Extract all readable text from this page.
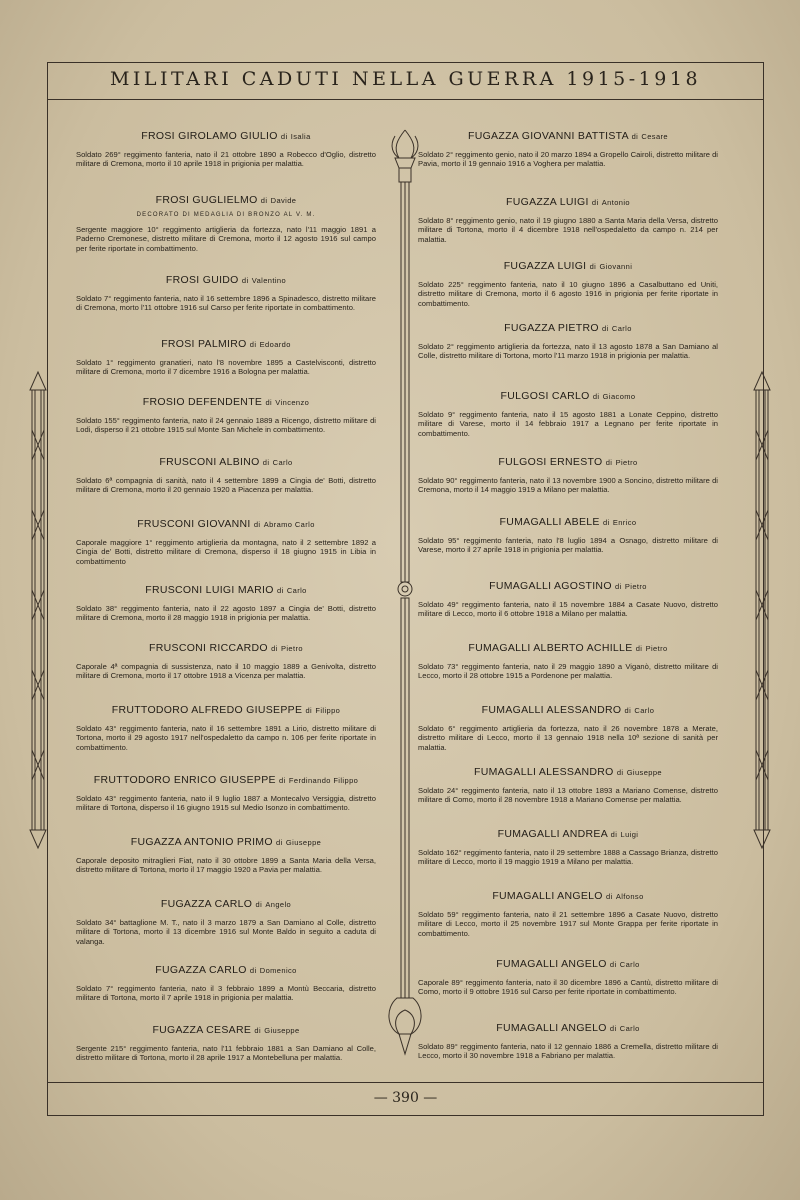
MILITARI CADUTI NELLA GUERRA 1915-1918
FROSI GIROLAMO GIULIO di Isalia

Soldato 269° reggimento fanteria, nato il 21 ottobre 1890 a Robecco d'Oglio, distretto militare di Cremona, morto il 10 aprile 1918 in prigionia per malattia.

FROSI GUGLIELMO di Davide
DECORATO DI MEDAGLIA DI BRONZO AL V. M.

Sergente maggiore 10° reggimento artiglieria da fortezza, nato l'11 maggio 1891 a Paderno Cremonese, distretto militare di Cremona, morto il 12 agosto 1916 sul campo per ferite riportate in combattimento.

FROSI GUIDO di Valentino

Soldato 7° reggimento fanteria, nato il 16 settembre 1896 a Spinadesco, distretto militare di Cremona, morto l'11 ottobre 1916 sul Carso per ferite riportate in combattimento.

FROSI PALMIRO di Edoardo

Soldato 1° reggimento granatieri, nato l'8 novembre 1895 a Castelvisconti, distretto militare di Cremona, morto il 7 dicembre 1916 a Bologna per malattia.

FROSIO DEFENDENTE di Vincenzo

Soldato 155° reggimento fanteria, nato il 24 gennaio 1889 a Ricengo, distretto militare di Lodi, disperso il 21 ottobre 1915 sul Monte San Michele in combattimento.

FRUSCONI ALBINO di Carlo

Soldato 6ª compagnia di sanità, nato il 4 settembre 1899 a Cingia de' Botti, distretto militare di Cremona, morto il 20 gennaio 1920 a Piacenza per malattia.

FRUSCONI GIOVANNI di Abramo Carlo

Caporale maggiore 1° reggimento artiglieria da montagna, nato il 2 settembre 1892 a Cingia de' Botti, distretto militare di Cremona, disperso il 18 giugno 1915 in Libia in combattimento

FRUSCONI LUIGI MARIO di Carlo

Soldato 38° reggimento fanteria, nato il 22 agosto 1897 a Cingia de' Botti, distretto militare di Cremona, morto il 28 maggio 1918 in prigionia per malattia.

FRUSCONI RICCARDO di Pietro

Caporale 4ª compagnia di sussistenza, nato il 10 maggio 1889 a Genivolta, distretto militare di Cremona, morto il 17 ottobre 1918 a Vicenza per malattia.

FRUTTODORO ALFREDO GIUSEPPE di Filippo

Soldato 43° reggimento fanteria, nato il 16 settembre 1891 a Lirio, distretto militare di Tortona, morto il 29 agosto 1917 nell'ospedaletto da campo n. 106 per ferite riportate in combattimento.

FRUTTODORO ENRICO GIUSEPPE di Ferdinando Filippo

Soldato 43° reggimento fanteria, nato il 9 luglio 1887 a Montecalvo Versiggia, distretto militare di Tortona, disperso il 16 giugno 1915 sul Medio Isonzo in combattimento.

FUGAZZA ANTONIO PRIMO di Giuseppe

Caporale deposito mitraglieri Fiat, nato il 30 ottobre 1899 a Santa Maria della Versa, distretto militare di Tortona, morto il 17 maggio 1920 a Pavia per malattia.

FUGAZZA CARLO di Angelo

Soldato 34° battaglione M. T., nato il 3 marzo 1879 a San Damiano al Colle, distretto militare di Tortona, morto il 13 dicembre 1916 sul Monte Baldo in seguito a caduta di valanga.

FUGAZZA CARLO di Domenico

Soldato 7° reggimento fanteria, nato il 3 febbraio 1899 a Montù Beccaria, distretto militare di Tortona, morto il 7 aprile 1918 in prigionia per malattia.

FUGAZZA CESARE di Giuseppe

Sergente 215° reggimento fanteria, nato l'11 febbraio 1881 a San Damiano al Colle, distretto militare di Tortona, morto il 28 aprile 1917 a Montebelluna per malattia.

FUGAZZA GIOVANNI BATTISTA di Cesare

Soldato 2° reggimento genio, nato il 20 marzo 1894 a Gropello Cairoli, distretto militare di Pavia, morto il 19 gennaio 1916 a Voghera per malattia.

FUGAZZA LUIGI di Antonio

Soldato 8° reggimento genio, nato il 19 giugno 1880 a Santa Maria della Versa, distretto militare di Tortona, morto il 4 dicembre 1918 nell'ospedaletto da campo n. 214 per malattia.

FUGAZZA LUIGI di Giovanni

Soldato 225° reggimento fanteria, nato il 10 giugno 1896 a Casalbuttano ed Uniti, distretto militare di Cremona, morto il 6 agosto 1916 in prigionia per ferite riportate in combattimento.

FUGAZZA PIETRO di Carlo

Soldato 2° reggimento artiglieria da fortezza, nato il 13 agosto 1878 a San Damiano al Colle, distretto militare di Tortona, morto l'11 marzo 1918 in prigionia per malattia.

FULGOSI CARLO di Giacomo

Soldato 9° reggimento fanteria, nato il 15 agosto 1881 a Lonate Ceppino, distretto militare di Varese, morto il 14 febbraio 1917 a Legnano per ferite riportate in combattimento.

FULGOSI ERNESTO di Pietro

Soldato 90° reggimento fanteria, nato il 13 novembre 1900 a Soncino, distretto militare di Cremona, morto il 14 maggio 1919 a Milano per malattia.

FUMAGALLI ABELE di Enrico

Soldato 95° reggimento fanteria, nato l'8 luglio 1894 a Osnago, distretto militare di Varese, morto il 27 aprile 1918 in prigionia per malattia.

FUMAGALLI AGOSTINO di Pietro

Soldato 49° reggimento fanteria, nato il 15 novembre 1884 a Casate Nuovo, distretto militare di Lecco, morto il 6 ottobre 1918 a Milano per malattia.

FUMAGALLI ALBERTO ACHILLE di Pietro

Soldato 73° reggimento fanteria, nato il 29 maggio 1890 a Viganò, distretto militare di Lecco, morto il 28 ottobre 1915 a Pordenone per malattia.

FUMAGALLI ALESSANDRO di Carlo

Soldato 6° reggimento artiglieria da fortezza, nato il 26 novembre 1878 a Merate, distretto militare di Lecco, morto il 13 gennaio 1918 nella 10ª sezione di sanità per malattia.

FUMAGALLI ALESSANDRO di Giuseppe

Soldato 24° reggimento fanteria, nato il 13 ottobre 1893 a Mariano Comense, distretto militare di Como, morto il 28 novembre 1918 a Mariano Comense per malattia.

FUMAGALLI ANDREA di Luigi

Soldato 162° reggimento fanteria, nato il 29 settembre 1888 a Cassago Brianza, distretto militare di Lecco, morto il 19 maggio 1919 a Milano per malattia.

FUMAGALLI ANGELO di Alfonso

Soldato 59° reggimento fanteria, nato il 21 settembre 1896 a Casate Nuovo, distretto militare di Lecco, morto il 25 novembre 1917 sul Monte Grappa per ferite riportate in combattimento.

FUMAGALLI ANGELO di Carlo

Caporale 89° reggimento fanteria, nato il 30 dicembre 1896 a Cantù, distretto militare di Como, morto il 9 ottobre 1916 sul Carso per ferite riportate in combattimento.

FUMAGALLI ANGELO di Carlo

Soldato 89° reggimento fanteria, nato il 12 gennaio 1886 a Cremella, distretto militare di Lecco, morto il 30 novembre 1918 a Fabriano per malattia.

— 390 —
